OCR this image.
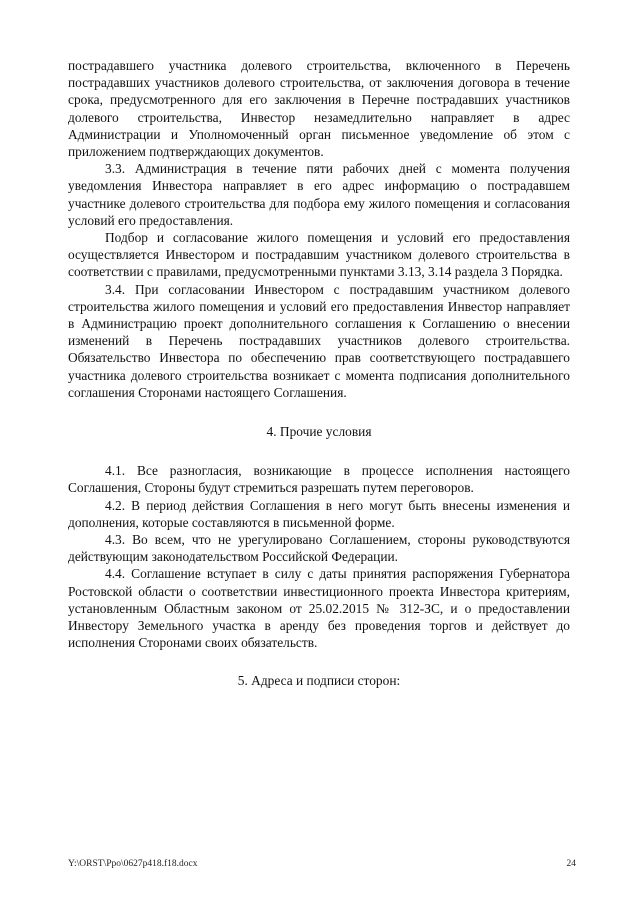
пострадавшего участника долевого строительства, включенного в Перечень пострадавших участников долевого строительства, от заключения договора в течение срока, предусмотренного для его заключения в Перечне пострадавших участников долевого строительства, Инвестор незамедлительно направляет в адрес Администрации и Уполномоченный орган письменное уведомление об этом с приложением подтверждающих документов.

3.3. Администрация в течение пяти рабочих дней с момента получения уведомления Инвестора направляет в его адрес информацию о пострадавшем участнике долевого строительства для подбора ему жилого помещения и согласования условий его предоставления.

Подбор и согласование жилого помещения и условий его предоставления осуществляется Инвестором и пострадавшим участником долевого строительства в соответствии с правилами, предусмотренными пунктами 3.13, 3.14 раздела 3 Порядка.

3.4. При согласовании Инвестором с пострадавшим участником долевого строительства жилого помещения и условий его предоставления Инвестор направляет в Администрацию проект дополнительного соглашения к Соглашению о внесении изменений в Перечень пострадавших участников долевого строительства. Обязательство Инвестора по обеспечению прав соответствующего пострадавшего участника долевого строительства возникает с момента подписания дополнительного соглашения Сторонами настоящего Соглашения.

4. Прочие условия

4.1. Все разногласия, возникающие в процессе исполнения настоящего Соглашения, Стороны будут стремиться разрешать путем переговоров.

4.2. В период действия Соглашения в него могут быть внесены изменения и дополнения, которые составляются в письменной форме.

4.3. Во всем, что не урегулировано Соглашением, стороны руководствуются действующим законодательством Российской Федерации.

4.4. Соглашение вступает в силу с даты принятия распоряжения Губернатора Ростовской области о соответствии инвестиционного проекта Инвестора критериям, установленным Областным законом от 25.02.2015 № 312-ЗС, и о предоставлении Инвестору Земельного участка в аренду без проведения торгов и действует до исполнения Сторонами своих обязательств.

5. Адреса и подписи сторон:

Y:\ORST\Ppo\0627p418.f18.docx	24
